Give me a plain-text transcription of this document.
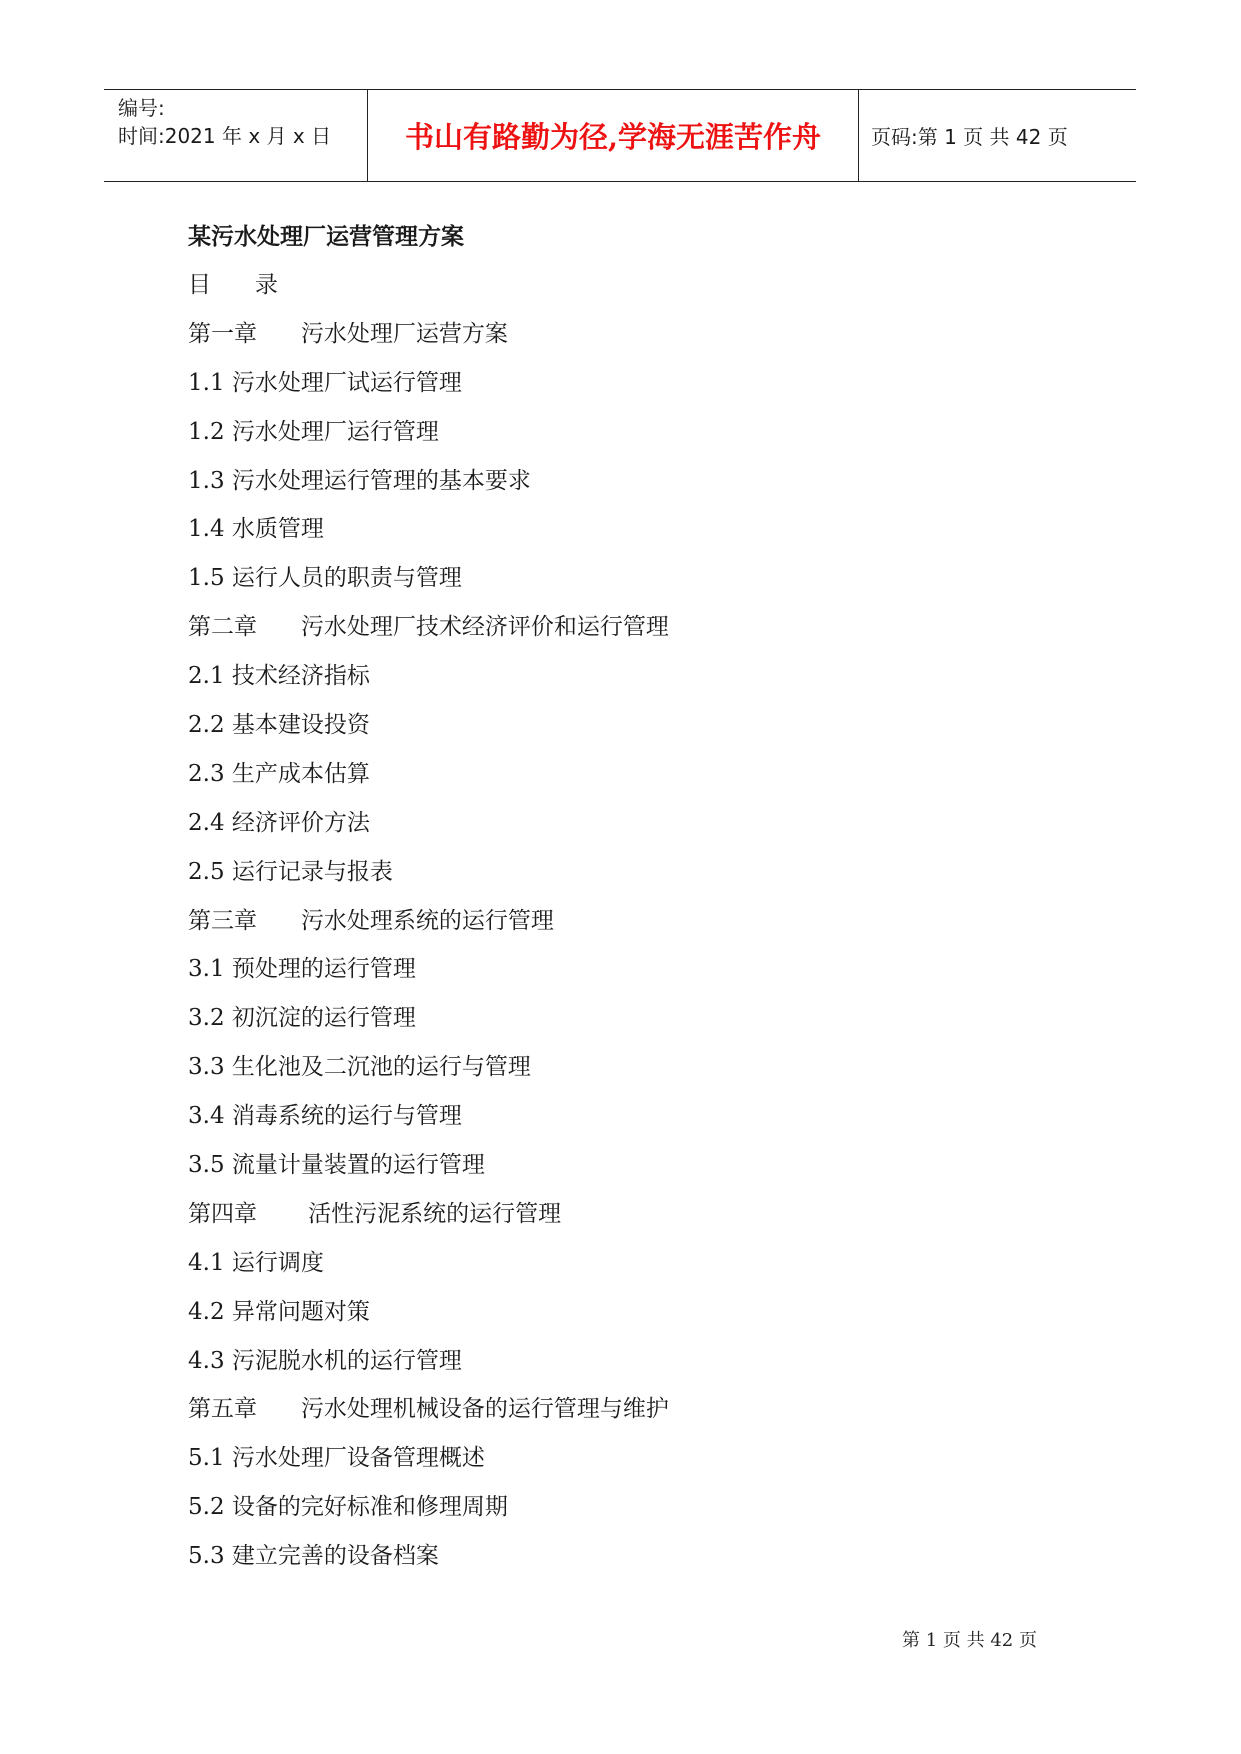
编号:
时间:2021 年 x 月 x 日	书山有路勤为径,学海无涯苦作舟	页码:第 1 页 共 42 页
某污水处理厂运营管理方案
目      录
第一章      污水处理厂运营方案
1.1 污水处理厂试运行管理
1.2 污水处理厂运行管理
1.3 污水处理运行管理的基本要求
1.4 水质管理
1.5 运行人员的职责与管理
第二章      污水处理厂技术经济评价和运行管理
2.1 技术经济指标
2.2 基本建设投资
2.3 生产成本估算
2.4 经济评价方法
2.5 运行记录与报表
第三章      污水处理系统的运行管理
3.1 预处理的运行管理
3.2 初沉淀的运行管理
3.3 生化池及二沉池的运行与管理
3.4 消毒系统的运行与管理
3.5 流量计量装置的运行管理
第四章       活性污泥系统的运行管理
4.1 运行调度
4.2 异常问题对策
4.3 污泥脱水机的运行管理
第五章      污水处理机械设备的运行管理与维护
5.1 污水处理厂设备管理概述
5.2 设备的完好标准和修理周期
5.3 建立完善的设备档案
第 1 页 共 42 页
